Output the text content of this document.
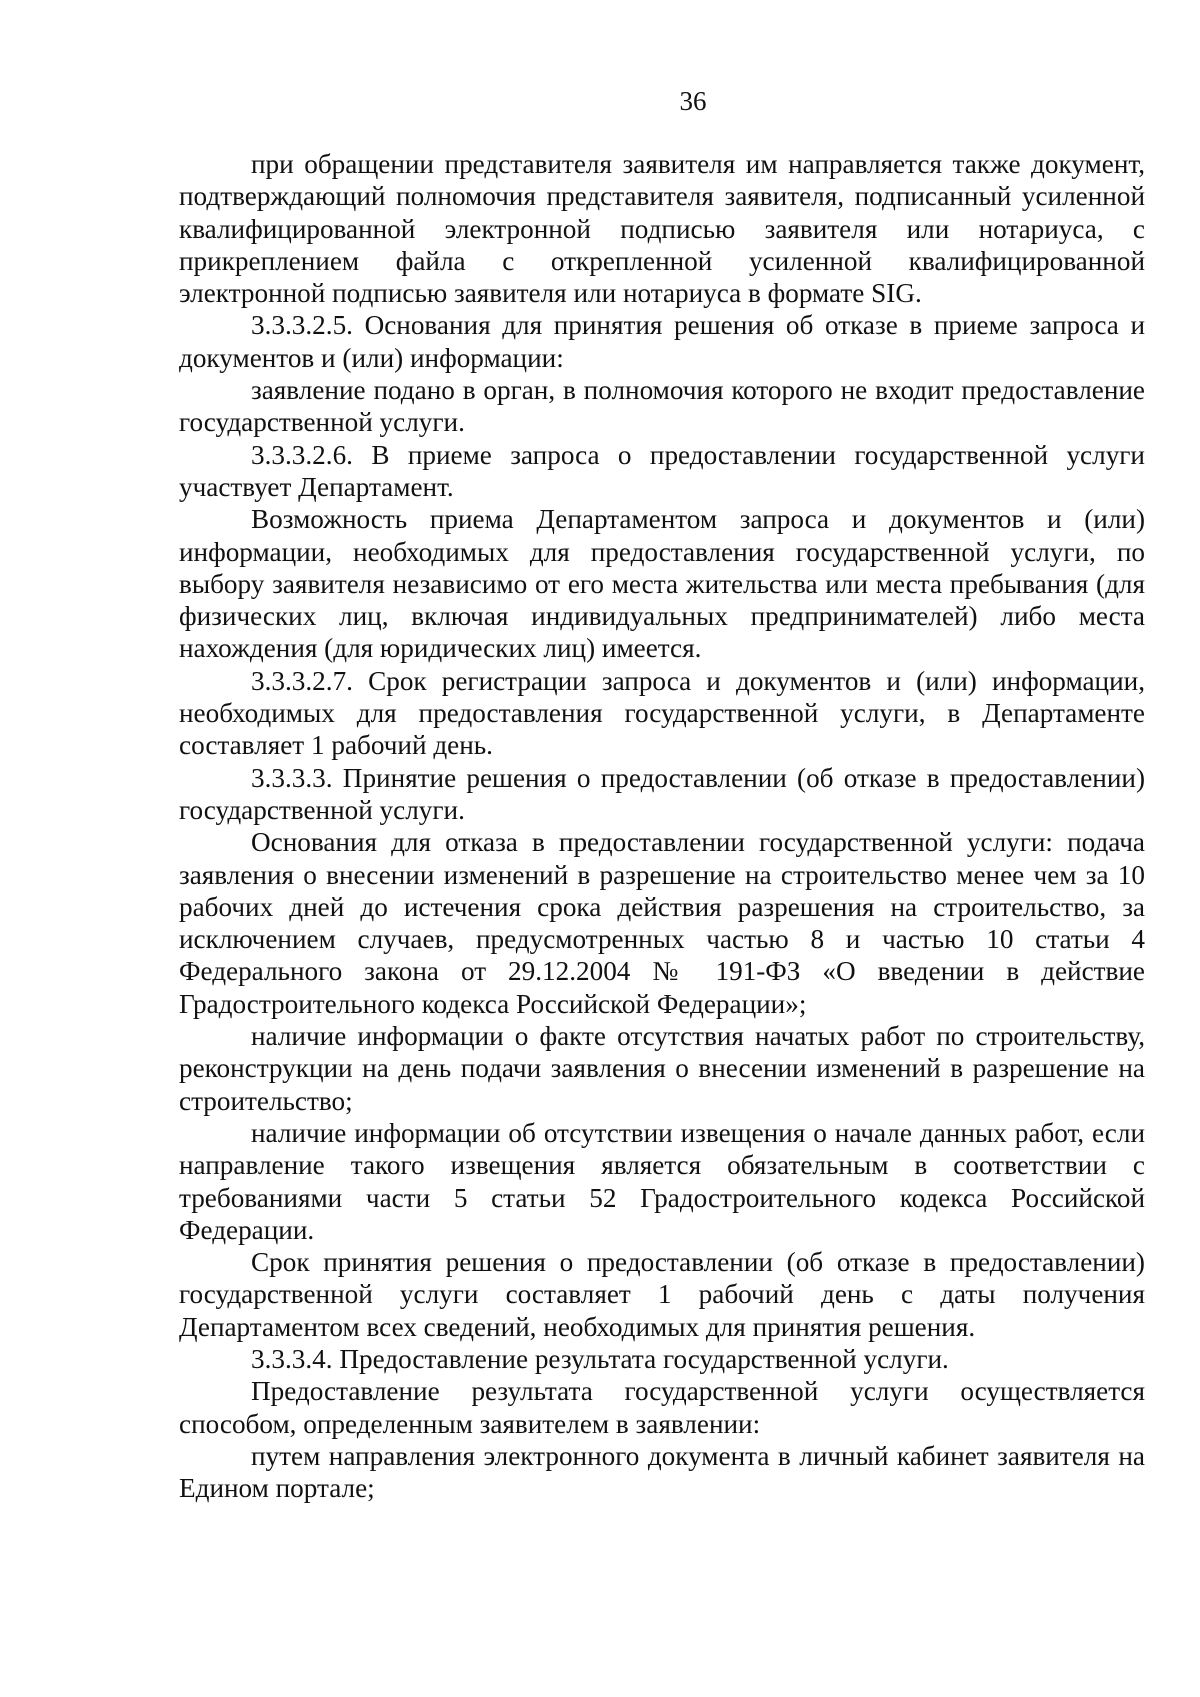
36

при обращении представителя заявителя им направляется также документ, подтверждающий полномочия представителя заявителя, подписанный усиленной квалифицированной электронной подписью заявителя или нотариуса, с прикреплением файла с открепленной усиленной квалифицированной электронной подписью заявителя или нотариуса в формате SIG.

3.3.3.2.5. Основания для принятия решения об отказе в приеме запроса и документов и (или) информации:

заявление подано в орган, в полномочия которого не входит предоставление государственной услуги.

3.3.3.2.6. В приеме запроса о предоставлении государственной услуги участвует Департамент.

Возможность приема Департаментом запроса и документов и (или) информации, необходимых для предоставления государственной услуги, по выбору заявителя независимо от его места жительства или места пребывания (для физических лиц, включая индивидуальных предпринимателей) либо места нахождения (для юридических лиц) имеется.

3.3.3.2.7. Срок регистрации запроса и документов и (или) информации, необходимых для предоставления государственной услуги, в Департаменте составляет 1 рабочий день.

3.3.3.3. Принятие решения о предоставлении (об отказе в предоставлении) государственной услуги.

Основания для отказа в предоставлении государственной услуги: подача заявления о внесении изменений в разрешение на строительство менее чем за 10 рабочих дней до истечения срока действия разрешения на строительство, за исключением случаев, предусмотренных частью 8 и частью 10 статьи 4 Федерального закона от 29.12.2004 № 191-ФЗ «О введении в действие Градостроительного кодекса Российской Федерации»;

наличие информации о факте отсутствия начатых работ по строительству, реконструкции на день подачи заявления о внесении изменений в разрешение на строительство;

наличие информации об отсутствии извещения о начале данных работ, если направление такого извещения является обязательным в соответствии с требованиями части 5 статьи 52 Градостроительного кодекса Российской Федерации.

Срок принятия решения о предоставлении (об отказе в предоставлении) государственной услуги составляет 1 рабочий день с даты получения Департаментом всех сведений, необходимых для принятия решения.

3.3.3.4. Предоставление результата государственной услуги.

Предоставление результата государственной услуги осуществляется способом, определенным заявителем в заявлении:

путем направления электронного документа в личный кабинет заявителя на Едином портале;
